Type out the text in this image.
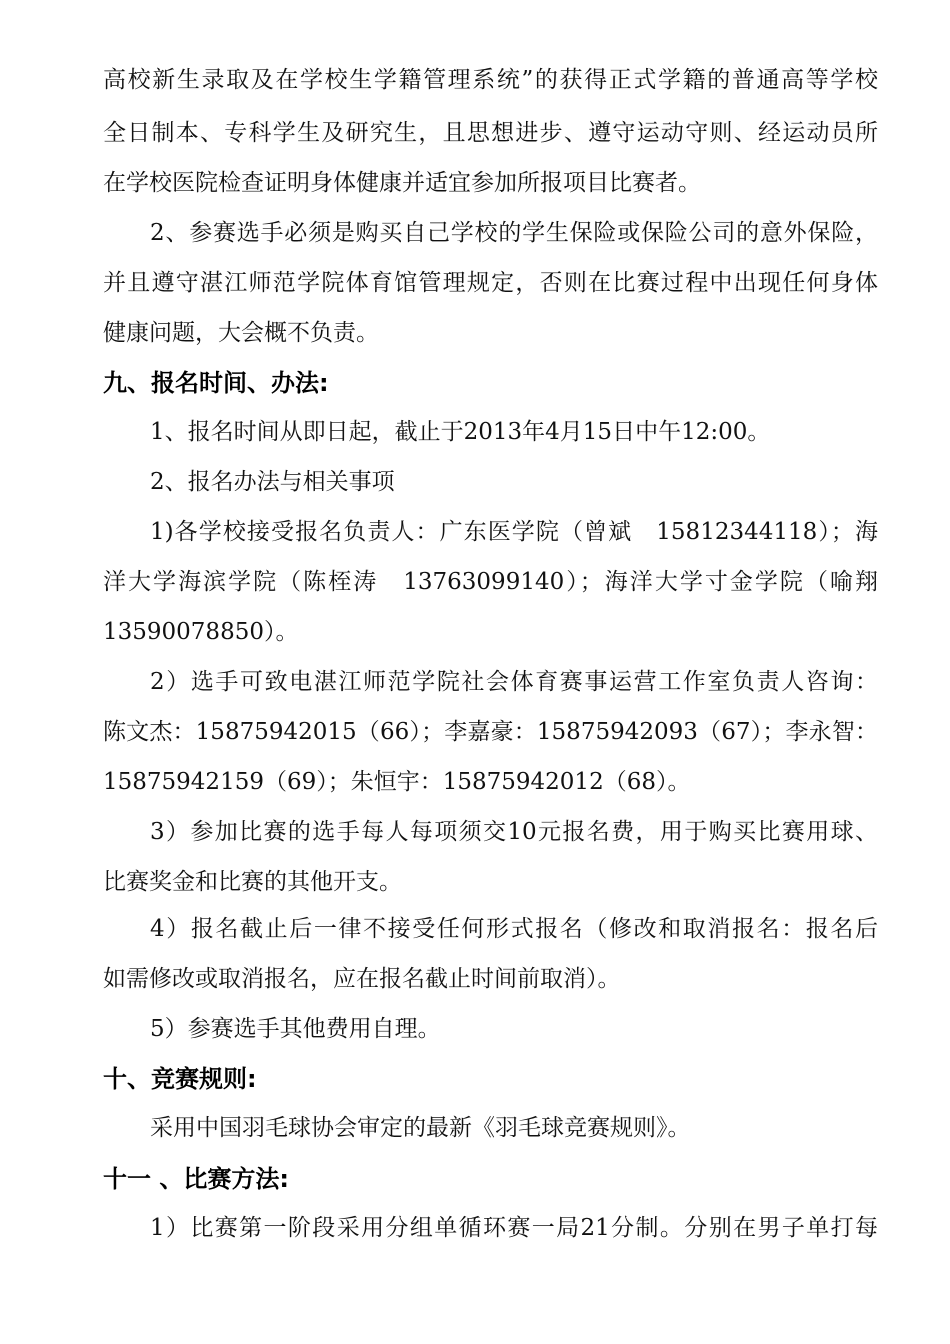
高校新生录取及在学校生学籍管理系统”的获得正式学籍的普通高等学校
全日制本、专科学生及研究生，且思想进步、遵守运动守则、经运动员所
在学校医院检查证明身体健康并适宜参加所报项目比赛者。
2、参赛选手必须是购买自己学校的学生保险或保险公司的意外保险，
并且遵守湛江师范学院体育馆管理规定，否则在比赛过程中出现任何身体
健康问题，大会概不负责。
九、报名时间、办法:
1、报名时间从即日起，截止于2013年4月15日中午12:00。
2、报名办法与相关事项
1)各学校接受报名负责人：广东医学院（曾斌　15812344118）；海
洋大学海滨学院（陈桎涛　13763099140）；海洋大学寸金学院（喻翔
13590078850）。
2）选手可致电湛江师范学院社会体育赛事运营工作室负责人咨询：
陈文杰：15875942015（66）；李嘉豪：15875942093（67）；李永智：
15875942159（69）；朱恒宇：15875942012（68）。
3）参加比赛的选手每人每项须交10元报名费，用于购买比赛用球、
比赛奖金和比赛的其他开支。
4）报名截止后一律不接受任何形式报名（修改和取消报名：报名后
如需修改或取消报名，应在报名截止时间前取消）。
5）参赛选手其他费用自理。
十、竞赛规则:
采用中国羽毛球协会审定的最新《羽毛球竞赛规则》。
十一 、比赛方法:
1）比赛第一阶段采用分组单循环赛一局21分制。分别在男子单打每
